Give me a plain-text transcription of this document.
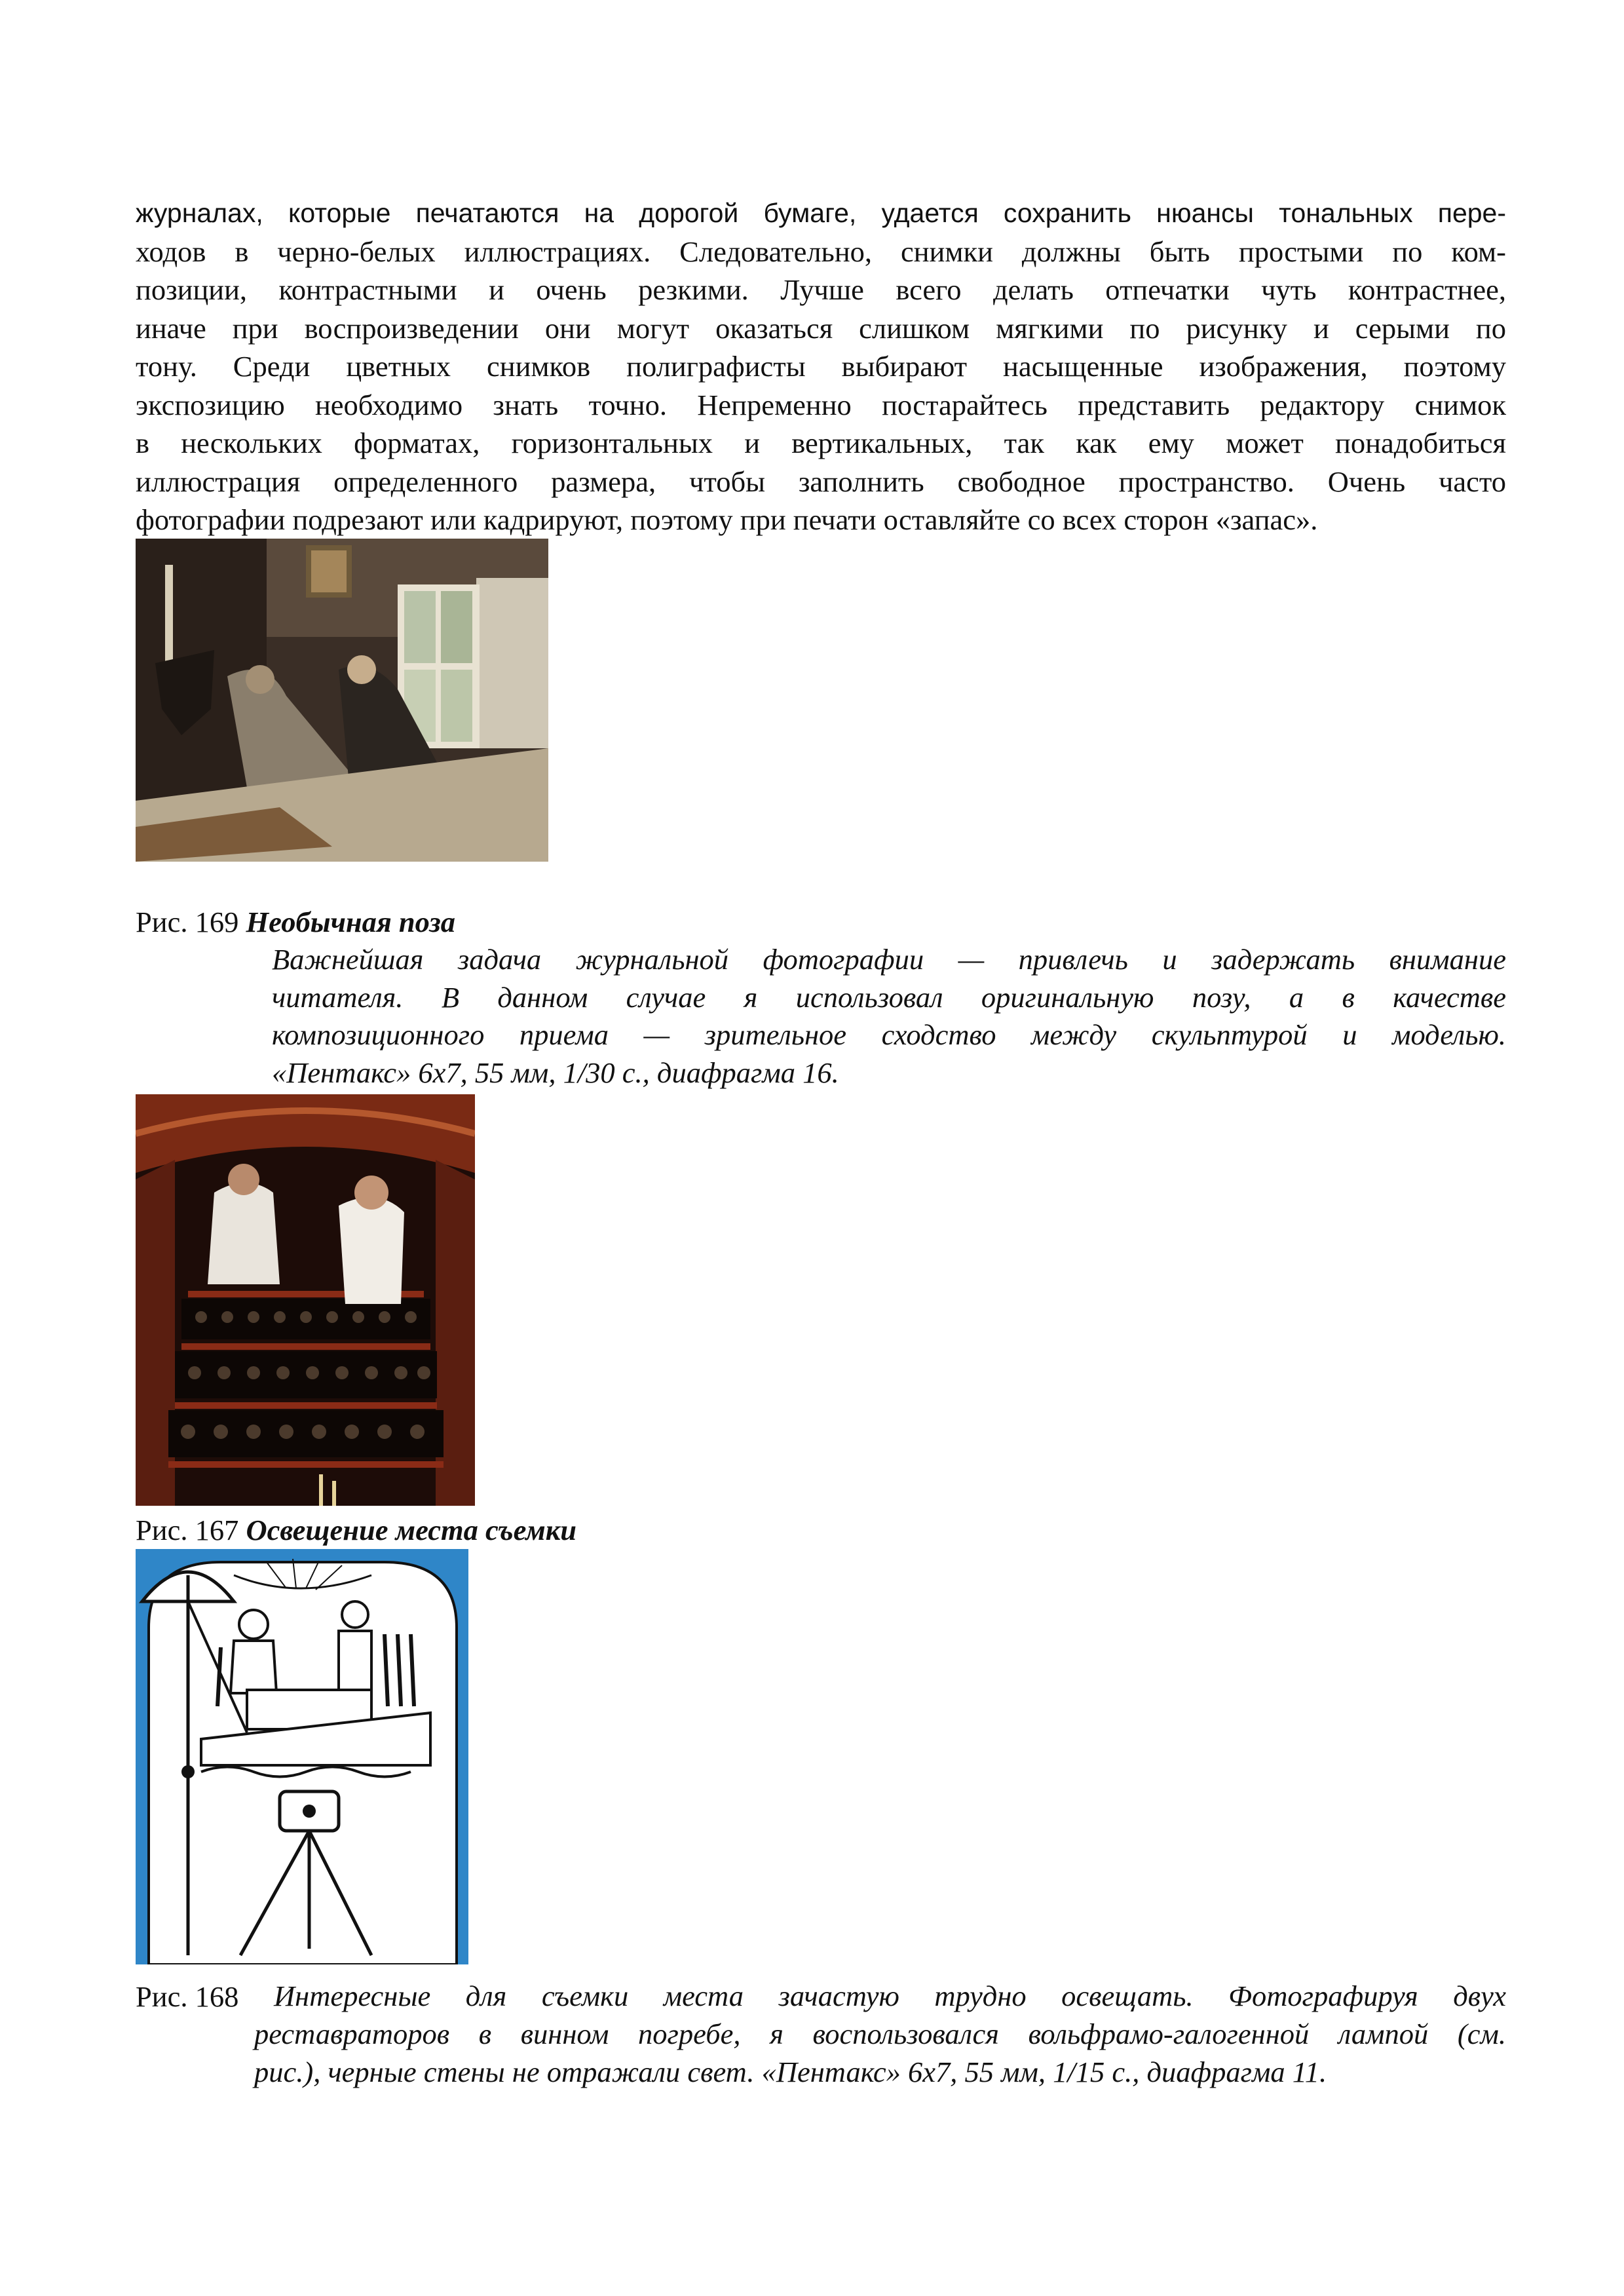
журналах, которые печатаются на дорогой бумаге, удается сохранить нюансы тональных пере-
ходов в черно-белых иллюстрациях. Следовательно, снимки должны быть простыми по ком-
позиции, контрастными и очень резкими. Лучше всего делать отпечатки чуть контрастнее,
иначе при воспроизведении они могут оказаться слишком мягкими по рисунку и серыми по
тону. Среди цветных снимков полиграфисты выбирают насыщенные изображения, поэтому
экспозицию необходимо знать точно. Непременно постарайтесь представить редактору снимок
в нескольких форматах, горизонтальных и вертикальных, так как ему может понадобиться
иллюстрация определенного размера, чтобы заполнить свободное пространство. Очень часто
фотографии подрезают или кадрируют, поэтому при печати оставляйте со всех сторон «запас».
Рис. 169 Необычная поза
Важнейшая задача журнальной фотографии — привлечь и задержать внимание
читателя. В данном случае я использовал оригинальную позу, а в качестве
композиционного приема — зрительное сходство между скульптурой и моделью.
«Пентакс» 6х7, 55 мм, 1/30 с., диафрагма 16.
Рис. 167 Освещение места съемки
Рис. 168 Интересные для съемки места зачастую трудно освещать. Фотографируя двух
реставраторов в винном погребе, я воспользовался вольфрамо-галогенной лампой (см.
рис.), черные стены не отражали свет. «Пентакс» 6х7, 55 мм, 1/15 с., диафрагма 11.
